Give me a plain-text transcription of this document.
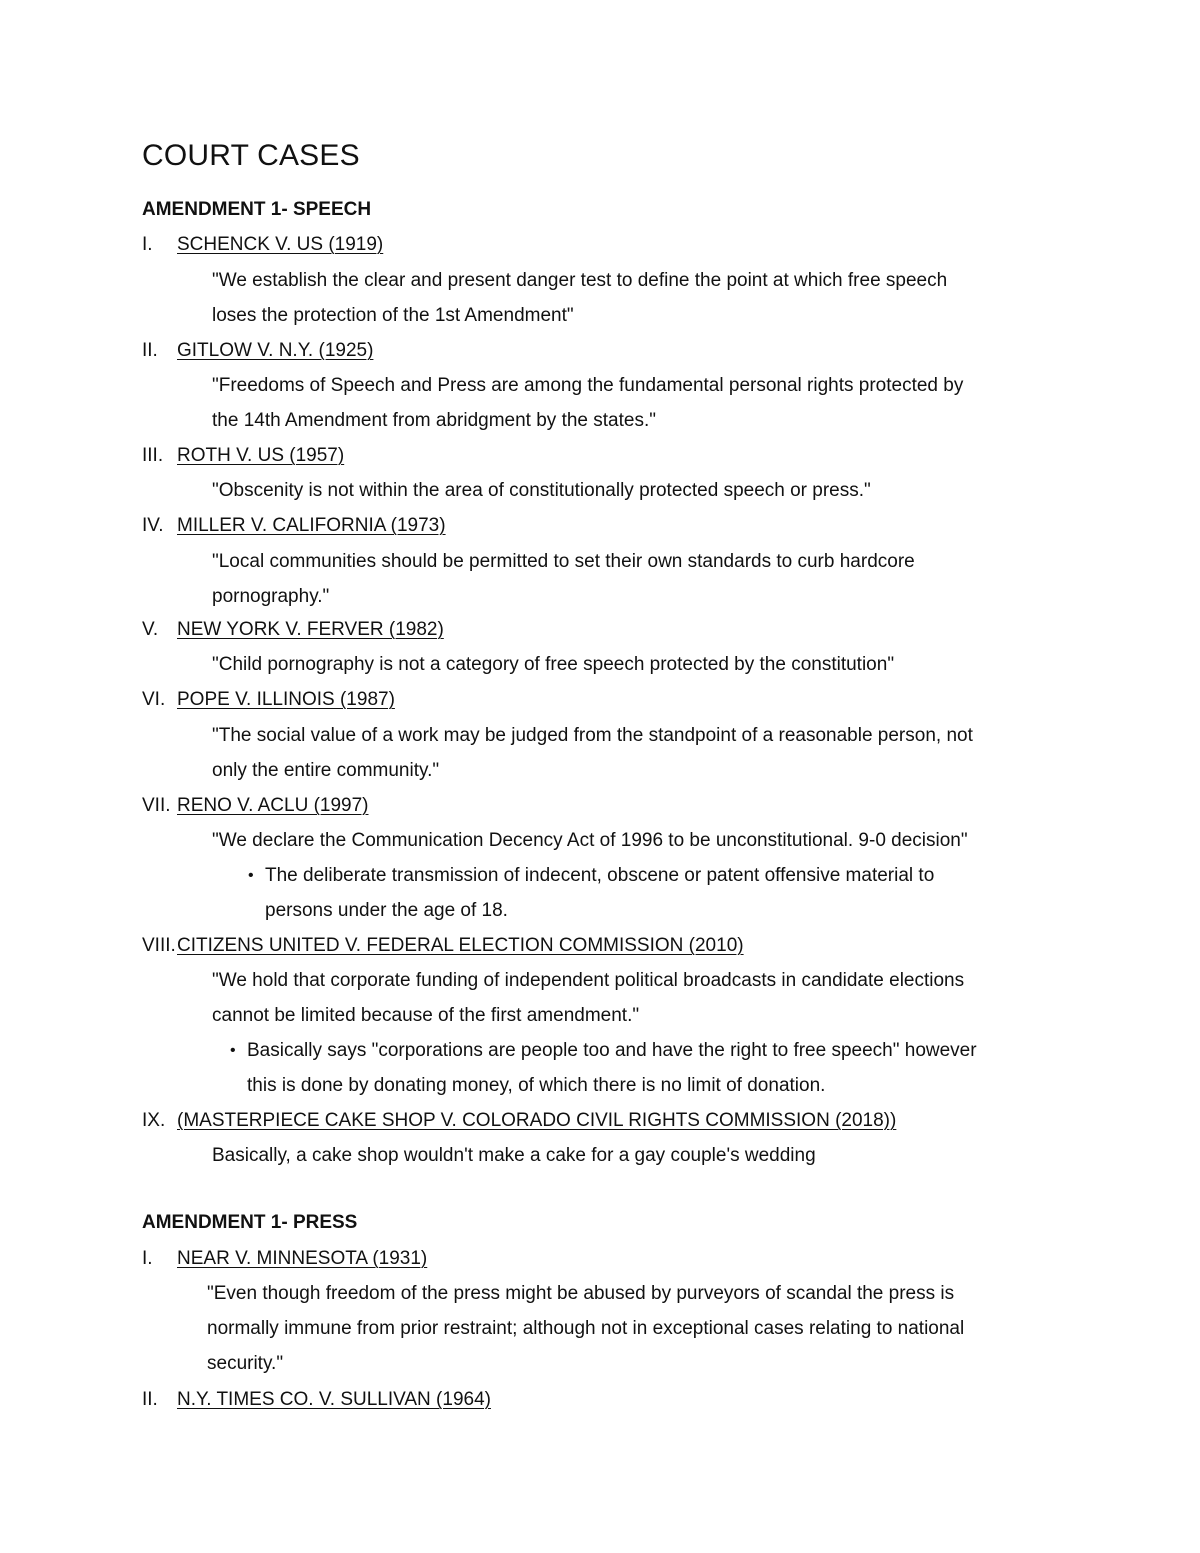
COURT CASES
AMENDMENT 1- SPEECH
I. SCHENCK V. US (1919)
"We establish the clear and present danger test to define the point at which free speech
loses the protection of the 1st Amendment"
II. GITLOW V. N.Y. (1925)
"Freedoms of Speech and Press are among the fundamental personal rights protected by
the 14th Amendment from abridgment by the states."
III. ROTH V. US (1957)
"Obscenity is not within the area of constitutionally protected speech or press."
IV. MILLER V. CALIFORNIA (1973)
"Local communities should be permitted to set their own standards to curb hardcore
pornography."
V. NEW YORK V. FERVER (1982)
"Child pornography is not a category of free speech protected by the constitution"
VI. POPE V. ILLINOIS (1987)
"The social value of a work may be judged from the standpoint of a reasonable person, not
only the entire community."
VII. RENO V. ACLU (1997)
"We declare the Communication Decency Act of 1996 to be unconstitutional. 9-0 decision"
• The deliberate transmission of indecent, obscene or patent offensive material to
persons under the age of 18.
VIII. CITIZENS UNITED V. FEDERAL ELECTION COMMISSION (2010)
"We hold that corporate funding of independent political broadcasts in candidate elections
cannot be limited because of the first amendment."
• Basically says "corporations are people too and have the right to free speech" however
this is done by donating money, of which there is no limit of donation.
IX. (MASTERPIECE CAKE SHOP V. COLORADO CIVIL RIGHTS COMMISSION (2018))
Basically, a cake shop wouldn't make a cake for a gay couple's wedding
AMENDMENT 1- PRESS
I. NEAR V. MINNESOTA (1931)
"Even though freedom of the press might be abused by purveyors of scandal the press is
normally immune from prior restraint; although not in exceptional cases relating to national
security."
II. N.Y. TIMES CO. V. SULLIVAN (1964)
